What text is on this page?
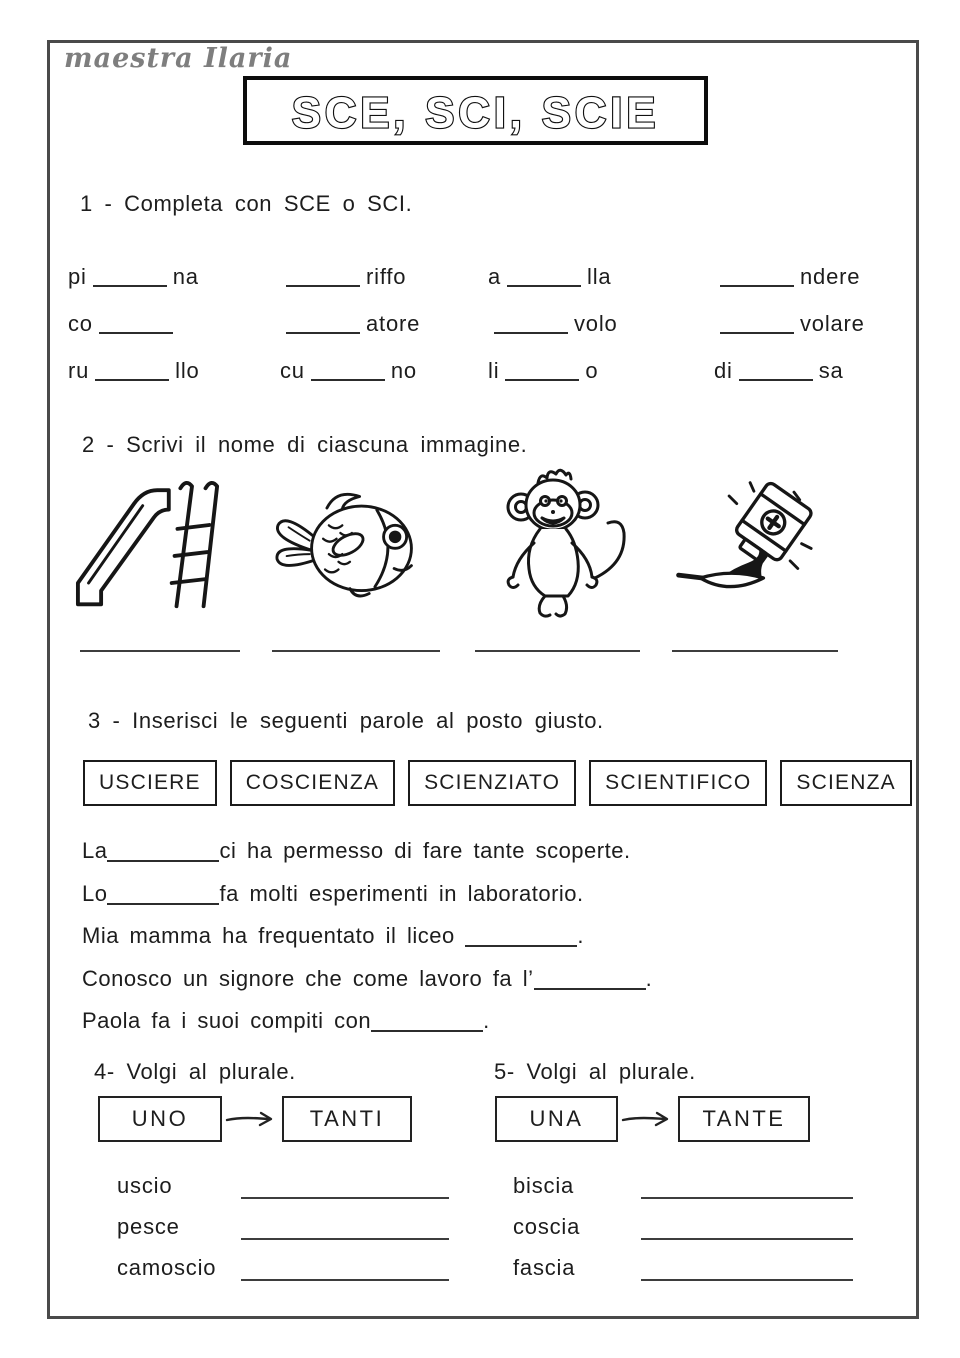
maestra Ilaria
SCE, SCI, SCIE
1 - Completa con SCE o SCI.
pi	na	riffo	a	lla	ndere
co	atore	volo	volare
ru	llo	cu	no	li	o	di	sa
2 - Scrivi il nome di ciascuna immagine.
3 - Inserisci le seguenti parole al posto giusto.
USCIERE	COSCIENZA	SCIENZIATO	SCIENTIFICO	SCIENZA
La	ci ha permesso di fare tante scoperte.
Lo	fa molti esperimenti in laboratorio.
Mia mamma ha frequentato il liceo	.
Conosco un signore che come lavoro fa l’	.
Paola fa i suoi compiti con	.
4- Volgi al plurale.	5- Volgi al plurale.
UNO	TANTI	UNA	TANTE
uscio
pesce
camoscio
biscia
coscia
fascia
